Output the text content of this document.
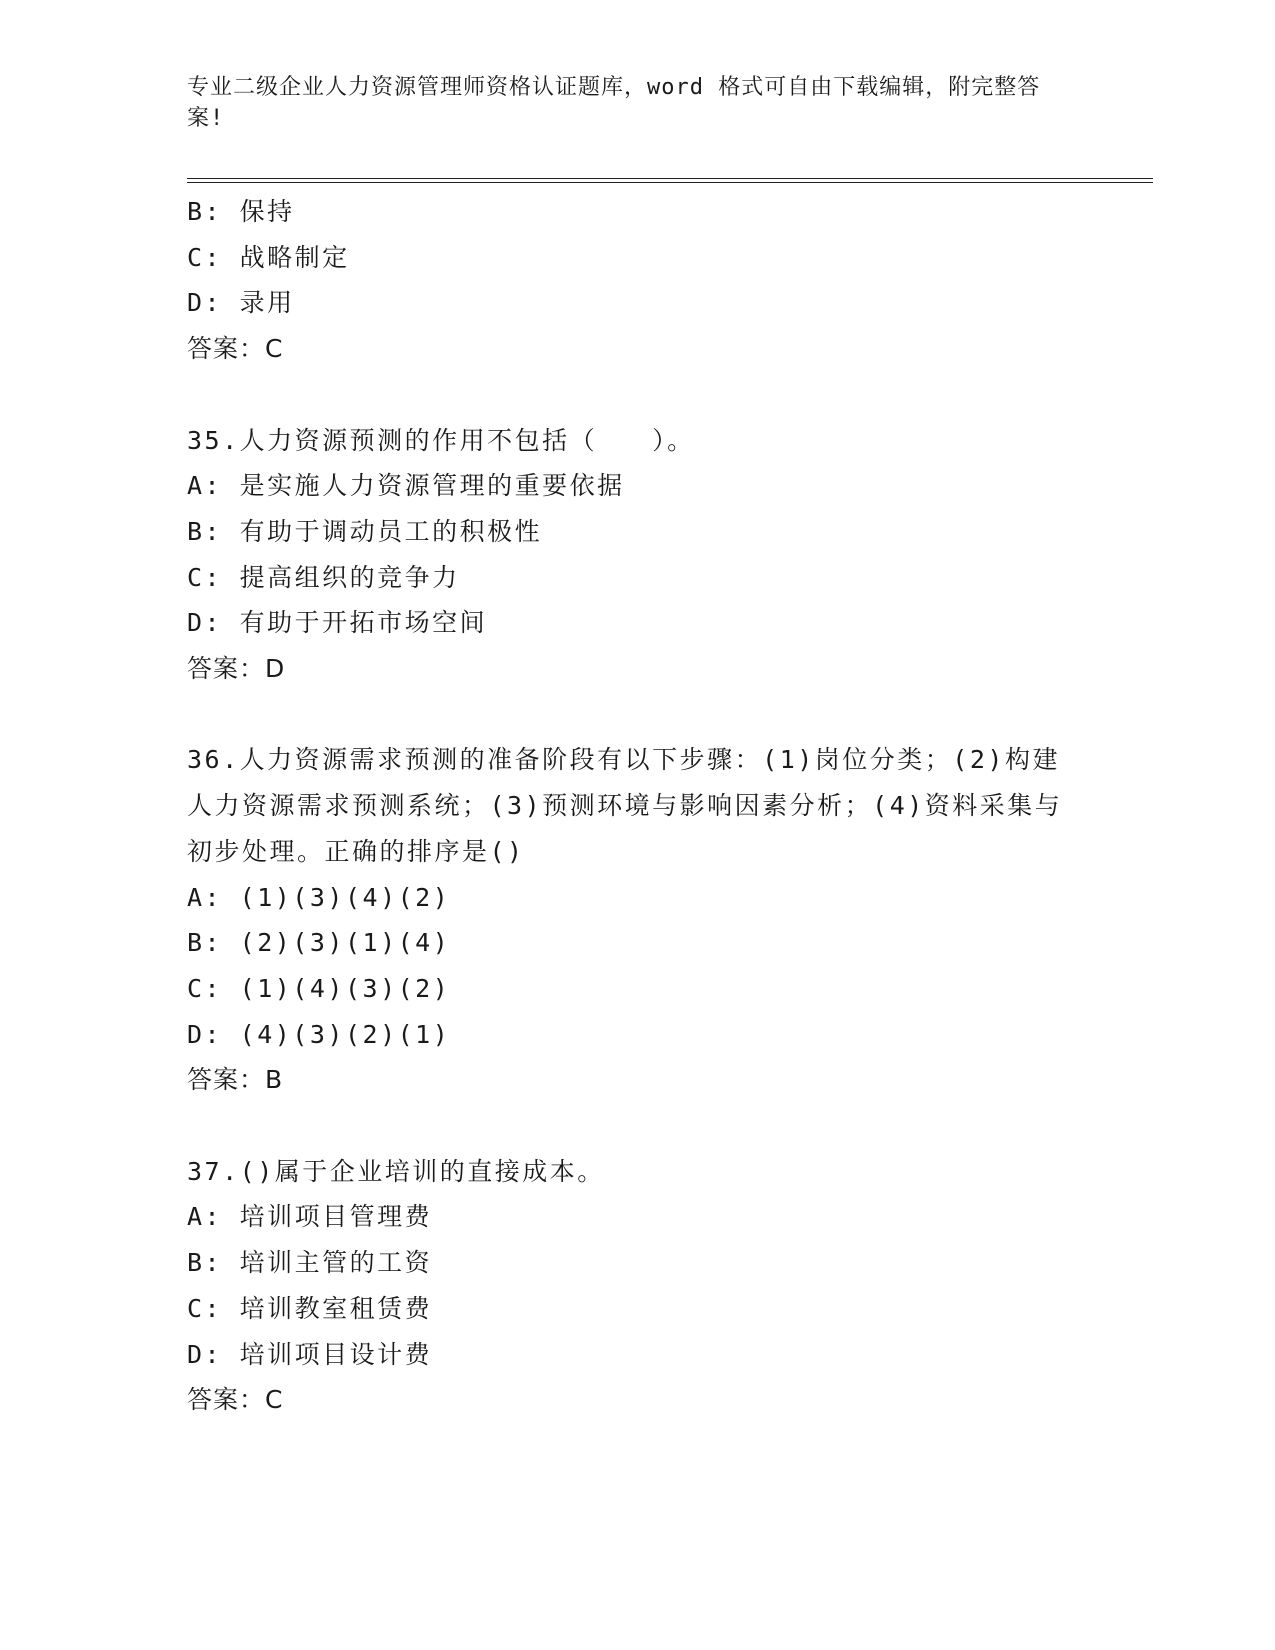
专业二级企业人力资源管理师资格认证题库，word 格式可自由下载编辑，附完整答案!
B: 保持
C: 战略制定
D: 录用
答案：C
35.人力资源预测的作用不包括（　　）。
A: 是实施人力资源管理的重要依据
B: 有助于调动员工的积极性
C: 提高组织的竞争力
D: 有助于开拓市场空间
答案：D
36.人力资源需求预测的准备阶段有以下步骤：(1)岗位分类；(2)构建人力资源需求预测系统；(3)预测环境与影响因素分析；(4)资料采集与初步处理。正确的排序是()
A: (1)(3)(4)(2)
B: (2)(3)(1)(4)
C: (1)(4)(3)(2)
D: (4)(3)(2)(1)
答案：B
37.()属于企业培训的直接成本。
A: 培训项目管理费
B: 培训主管的工资
C: 培训教室租赁费
D: 培训项目设计费
答案：C
